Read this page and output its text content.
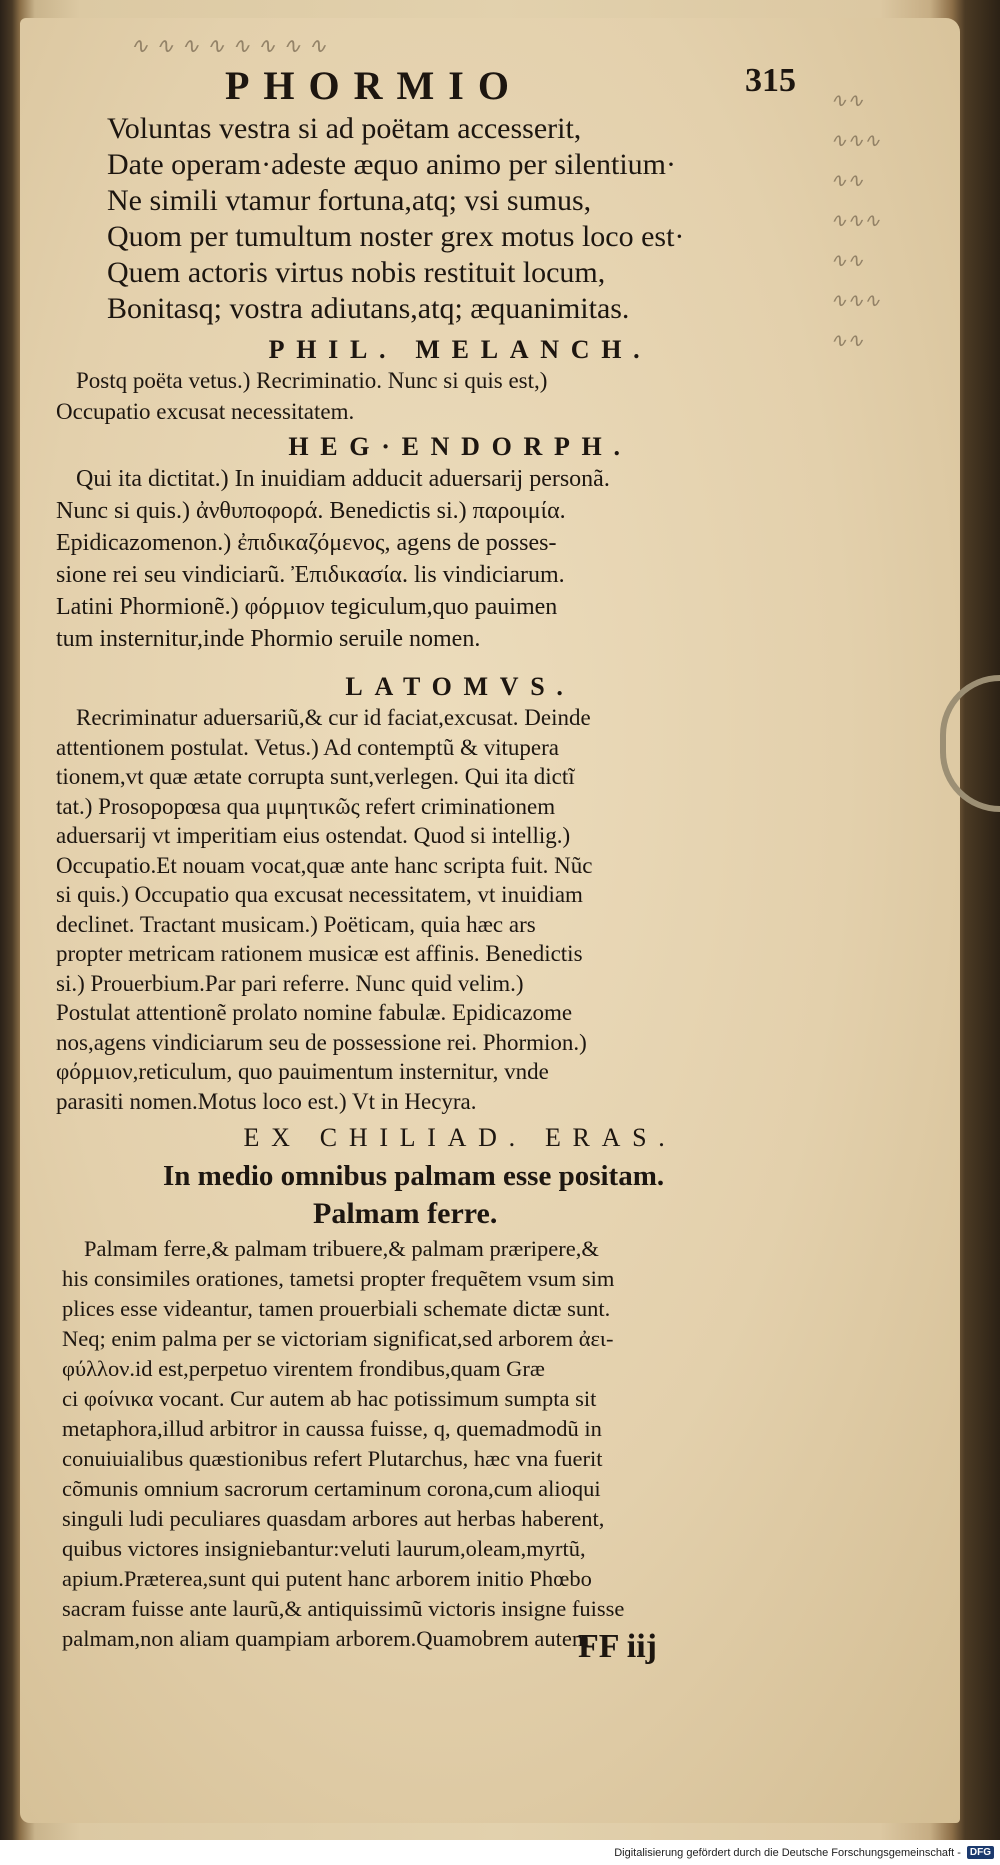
∿ ∿ ∿ ∿ ∿ ∿ ∿ ∿
∿∿
∿∿∿
∿∿
∿∿∿
∿∿
∿∿∿
∿∿
PHORMIO	315
FF iij
Voluntas vestra si ad poëtam accesserit,
Date operam·adeste æquo animo per silentium·
Ne simili vtamur fortuna,atq; vsi sumus,
Quom per tumultum noster grex motus loco est·
Quem actoris virtus nobis restituit locum,
Bonitasq; vostra adiutans,atq; æquanimitas.
PHIL. MELANCH.
Postq poëta vetus.) Recriminatio. Nunc si quis est,)
Occupatio excusat necessitatem.
HEG·ENDORPH.
Qui ita dictitat.) In inuidiam adducit aduersarij personã.
Nunc si quis.) ἀνθυποφορά. Benedictis si.) παροιμία.
Epidicazomenon.) ἐπιδικαζόμενος, agens de posses-
sione rei seu vindiciarũ. Ἐπιδικασία. lis vindiciarum.
Latini Phormionẽ.) φόρμιον tegiculum,quo pauimen
tum insternitur,inde Phormio seruile nomen.
LATOMVS.
Recriminatur aduersariũ,& cur id faciat,excusat. Deinde
attentionem postulat. Vetus.) Ad contemptũ & vitupera
tionem,vt quæ ætate corrupta sunt,verlegen. Qui ita dictĩ
tat.) Prosopopœsa qua μιμητικῶς refert criminationem
aduersarij vt imperitiam eius ostendat. Quod si intellig.)
Occupatio.Et nouam vocat,quæ ante hanc scripta fuit. Nũc
si quis.) Occupatio qua excusat necessitatem, vt inuidiam
declinet. Tractant musicam.) Poëticam, quia hæc ars
propter metricam rationem musicæ est affinis. Benedictis
si.) Prouerbium.Par pari referre. Nunc quid velim.)
Postulat attentionẽ prolato nomine fabulæ. Epidicazome
nos,agens vindiciarum seu de possessione rei. Phormion.)
φόρμιον,reticulum, quo pauimentum insternitur, vnde
parasiti nomen.Motus loco est.) Vt in Hecyra.
EX CHILIAD. ERAS.
In medio omnibus palmam esse positam.
Palmam ferre.
Palmam ferre,& palmam tribuere,& palmam præripere,&
his consimiles orationes, tametsi propter frequẽtem vsum sim
plices esse videantur, tamen prouerbiali schemate dictæ sunt.
Neq; enim palma per se victoriam significat,sed arborem ἀει-
φύλλον.id est,perpetuo virentem frondibus,quam Græ
ci φοίνικα vocant. Cur autem ab hac potissimum sumpta sit
metaphora,illud arbitror in caussa fuisse, q, quemadmodũ in
conuiuialibus quæstionibus refert Plutarchus, hæc vna fuerit
cõmunis omnium sacrorum certaminum corona,cum alioqui
singuli ludi peculiares quasdam arbores aut herbas haberent,
quibus victores insigniebantur:veluti laurum,oleam,myrtũ,
apium.Præterea,sunt qui putent hanc arborem initio Phœbo
sacram fuisse ante laurũ,& antiquissimũ victoris insigne fuisse
palmam,non aliam quampiam arborem.Quamobrem autem
Digitalisierung gefördert durch die Deutsche Forschungsgemeinschaft - DFG
